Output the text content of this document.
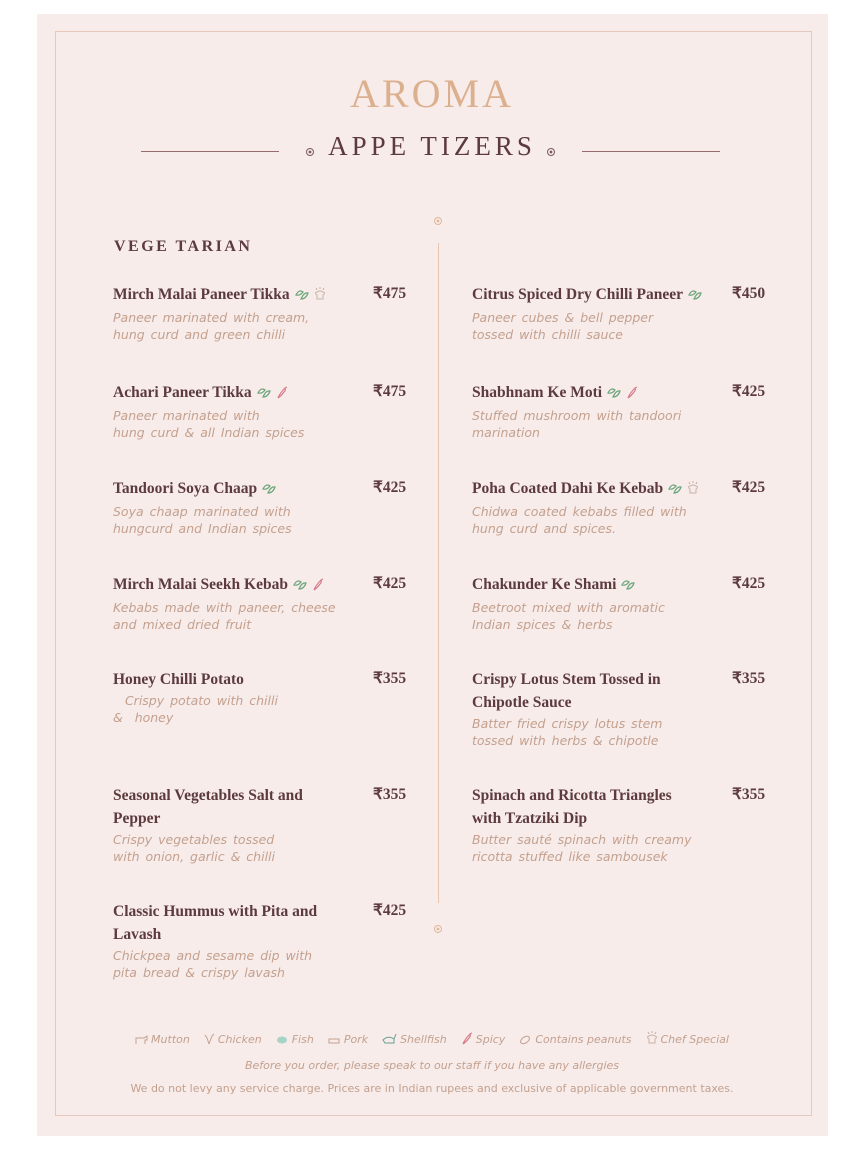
AROMA
APPE TIZERS
VEGE TARIAN
Mirch Malai Paneer Tikka
Paneer marinated with cream,
hung curd and green chilli
₹475
Achari Paneer Tikka
Paneer marinated with
hung curd & all Indian spices
₹475
Tandoori Soya Chaap
Soya chaap marinated with
hungcurd and Indian spices
₹425
Mirch Malai Seekh Kebab
Kebabs made with paneer, cheese
and mixed dried fruit
₹425
Honey Chilli Potato
Crispy potato with chilli
&  honey
₹355
Seasonal Vegetables Salt and Pepper
Crispy vegetables tossed
with onion, garlic & chilli
₹355
Classic Hummus with Pita and Lavash
Chickpea and sesame dip with
pita bread & crispy lavash
₹425
Citrus Spiced Dry Chilli Paneer
Paneer cubes & bell pepper
tossed with chilli sauce
₹450
Shabhnam Ke Moti
Stuffed mushroom with tandoori
marination
₹425
Poha Coated Dahi Ke Kebab
Chidwa coated kebabs filled with
hung curd and spices.
₹425
Chakunder Ke Shami
Beetroot mixed with aromatic
Indian spices & herbs
₹425
Crispy Lotus Stem Tossed in Chipotle Sauce
Batter fried crispy lotus stem
tossed with herbs & chipotle
₹355
Spinach and Ricotta Triangles with Tzatziki Dip
Butter sauté spinach with creamy
ricotta stuffed like sambousek
₹355
Mutton	Chicken	Fish	Pork	Shellfish	Spicy	Contains peanuts	Chef Special
Before you order, please speak to our staff if you have any allergies
We do not levy any service charge. Prices are in Indian rupees and exclusive of applicable government taxes.
